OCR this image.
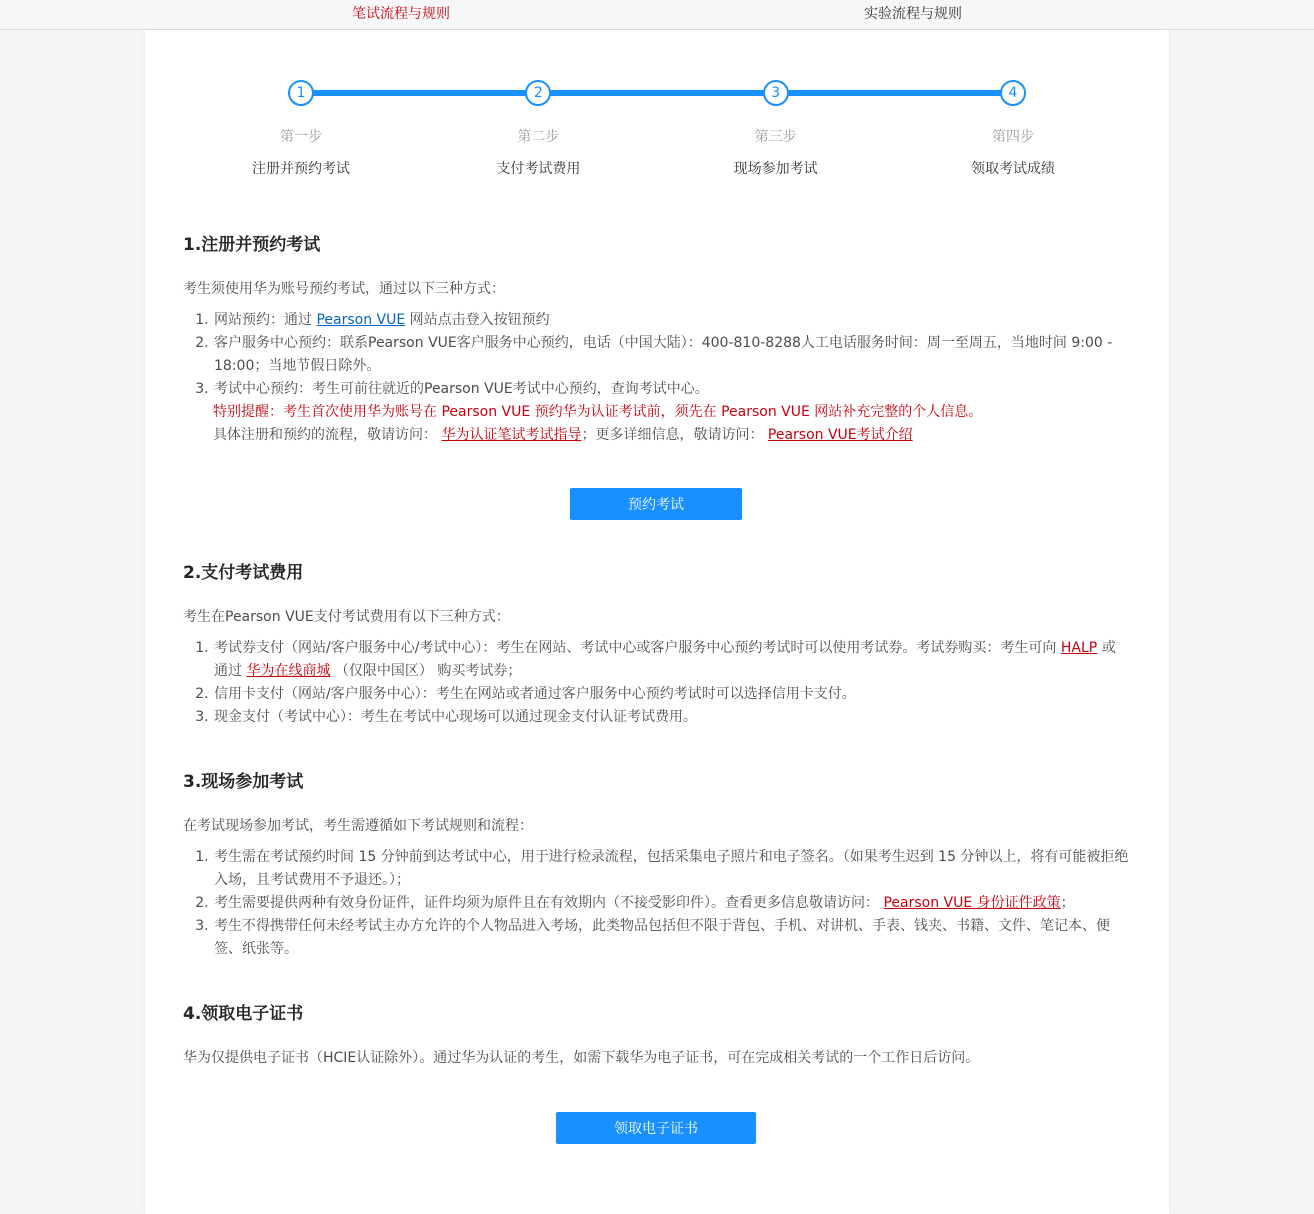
笔试流程与规则	实验流程与规则
1
第一步
注册并预约考试
2
第二步
支付考试费用
3
第三步
现场参加考试
4
第四步
领取考试成绩
1.注册并预约考试
考生须使用华为账号预约考试，通过以下三种方式：
1. 网站预约：通过 Pearson VUE 网站点击登入按钮预约
2. 客户服务中心预约：联系Pearson VUE客户服务中心预约，电话（中国大陆）：400-810-8288人工电话服务时间：周一至周五，当地时间 9:00 - 18:00；当地节假日除外。
3. 考试中心预约：考生可前往就近的Pearson VUE考试中心预约，查询考试中心。
特别提醒：考生首次使用华为账号在 Pearson VUE 预约华为认证考试前，须先在 Pearson VUE 网站补充完整的个人信息。
具体注册和预约的流程，敬请访问： 华为认证笔试考试指导；更多详细信息，敬请访问： Pearson VUE考试介绍
预约考试
2.支付考试费用
考生在Pearson VUE支付考试费用有以下三种方式：
1. 考试券支付（网站/客户服务中心/考试中心）：考生在网站、考试中心或客户服务中心预约考试时可以使用考试券。考试券购买：考生可向 HALP 或通过 华为在线商城 （仅限中国区） 购买考试券；
2. 信用卡支付（网站/客户服务中心）：考生在网站或者通过客户服务中心预约考试时可以选择信用卡支付。
3. 现金支付（考试中心）：考生在考试中心现场可以通过现金支付认证考试费用。
3.现场参加考试
在考试现场参加考试，考生需遵循如下考试规则和流程：
1. 考生需在考试预约时间 15 分钟前到达考试中心，用于进行检录流程，包括采集电子照片和电子签名。（如果考生迟到 15 分钟以上，将有可能被拒绝入场，且考试费用不予退还。）；
2. 考生需要提供两种有效身份证件，证件均须为原件且在有效期内（不接受影印件）。查看更多信息敬请访问： Pearson VUE 身份证件政策；
3. 考生不得携带任何未经考试主办方允许的个人物品进入考场，此类物品包括但不限于背包、手机、对讲机、手表、钱夹、书籍、文件、笔记本、便签、纸张等。
4.领取电子证书
华为仅提供电子证书（HCIE认证除外）。通过华为认证的考生，如需下载华为电子证书，可在完成相关考试的一个工作日后访问。
领取电子证书
